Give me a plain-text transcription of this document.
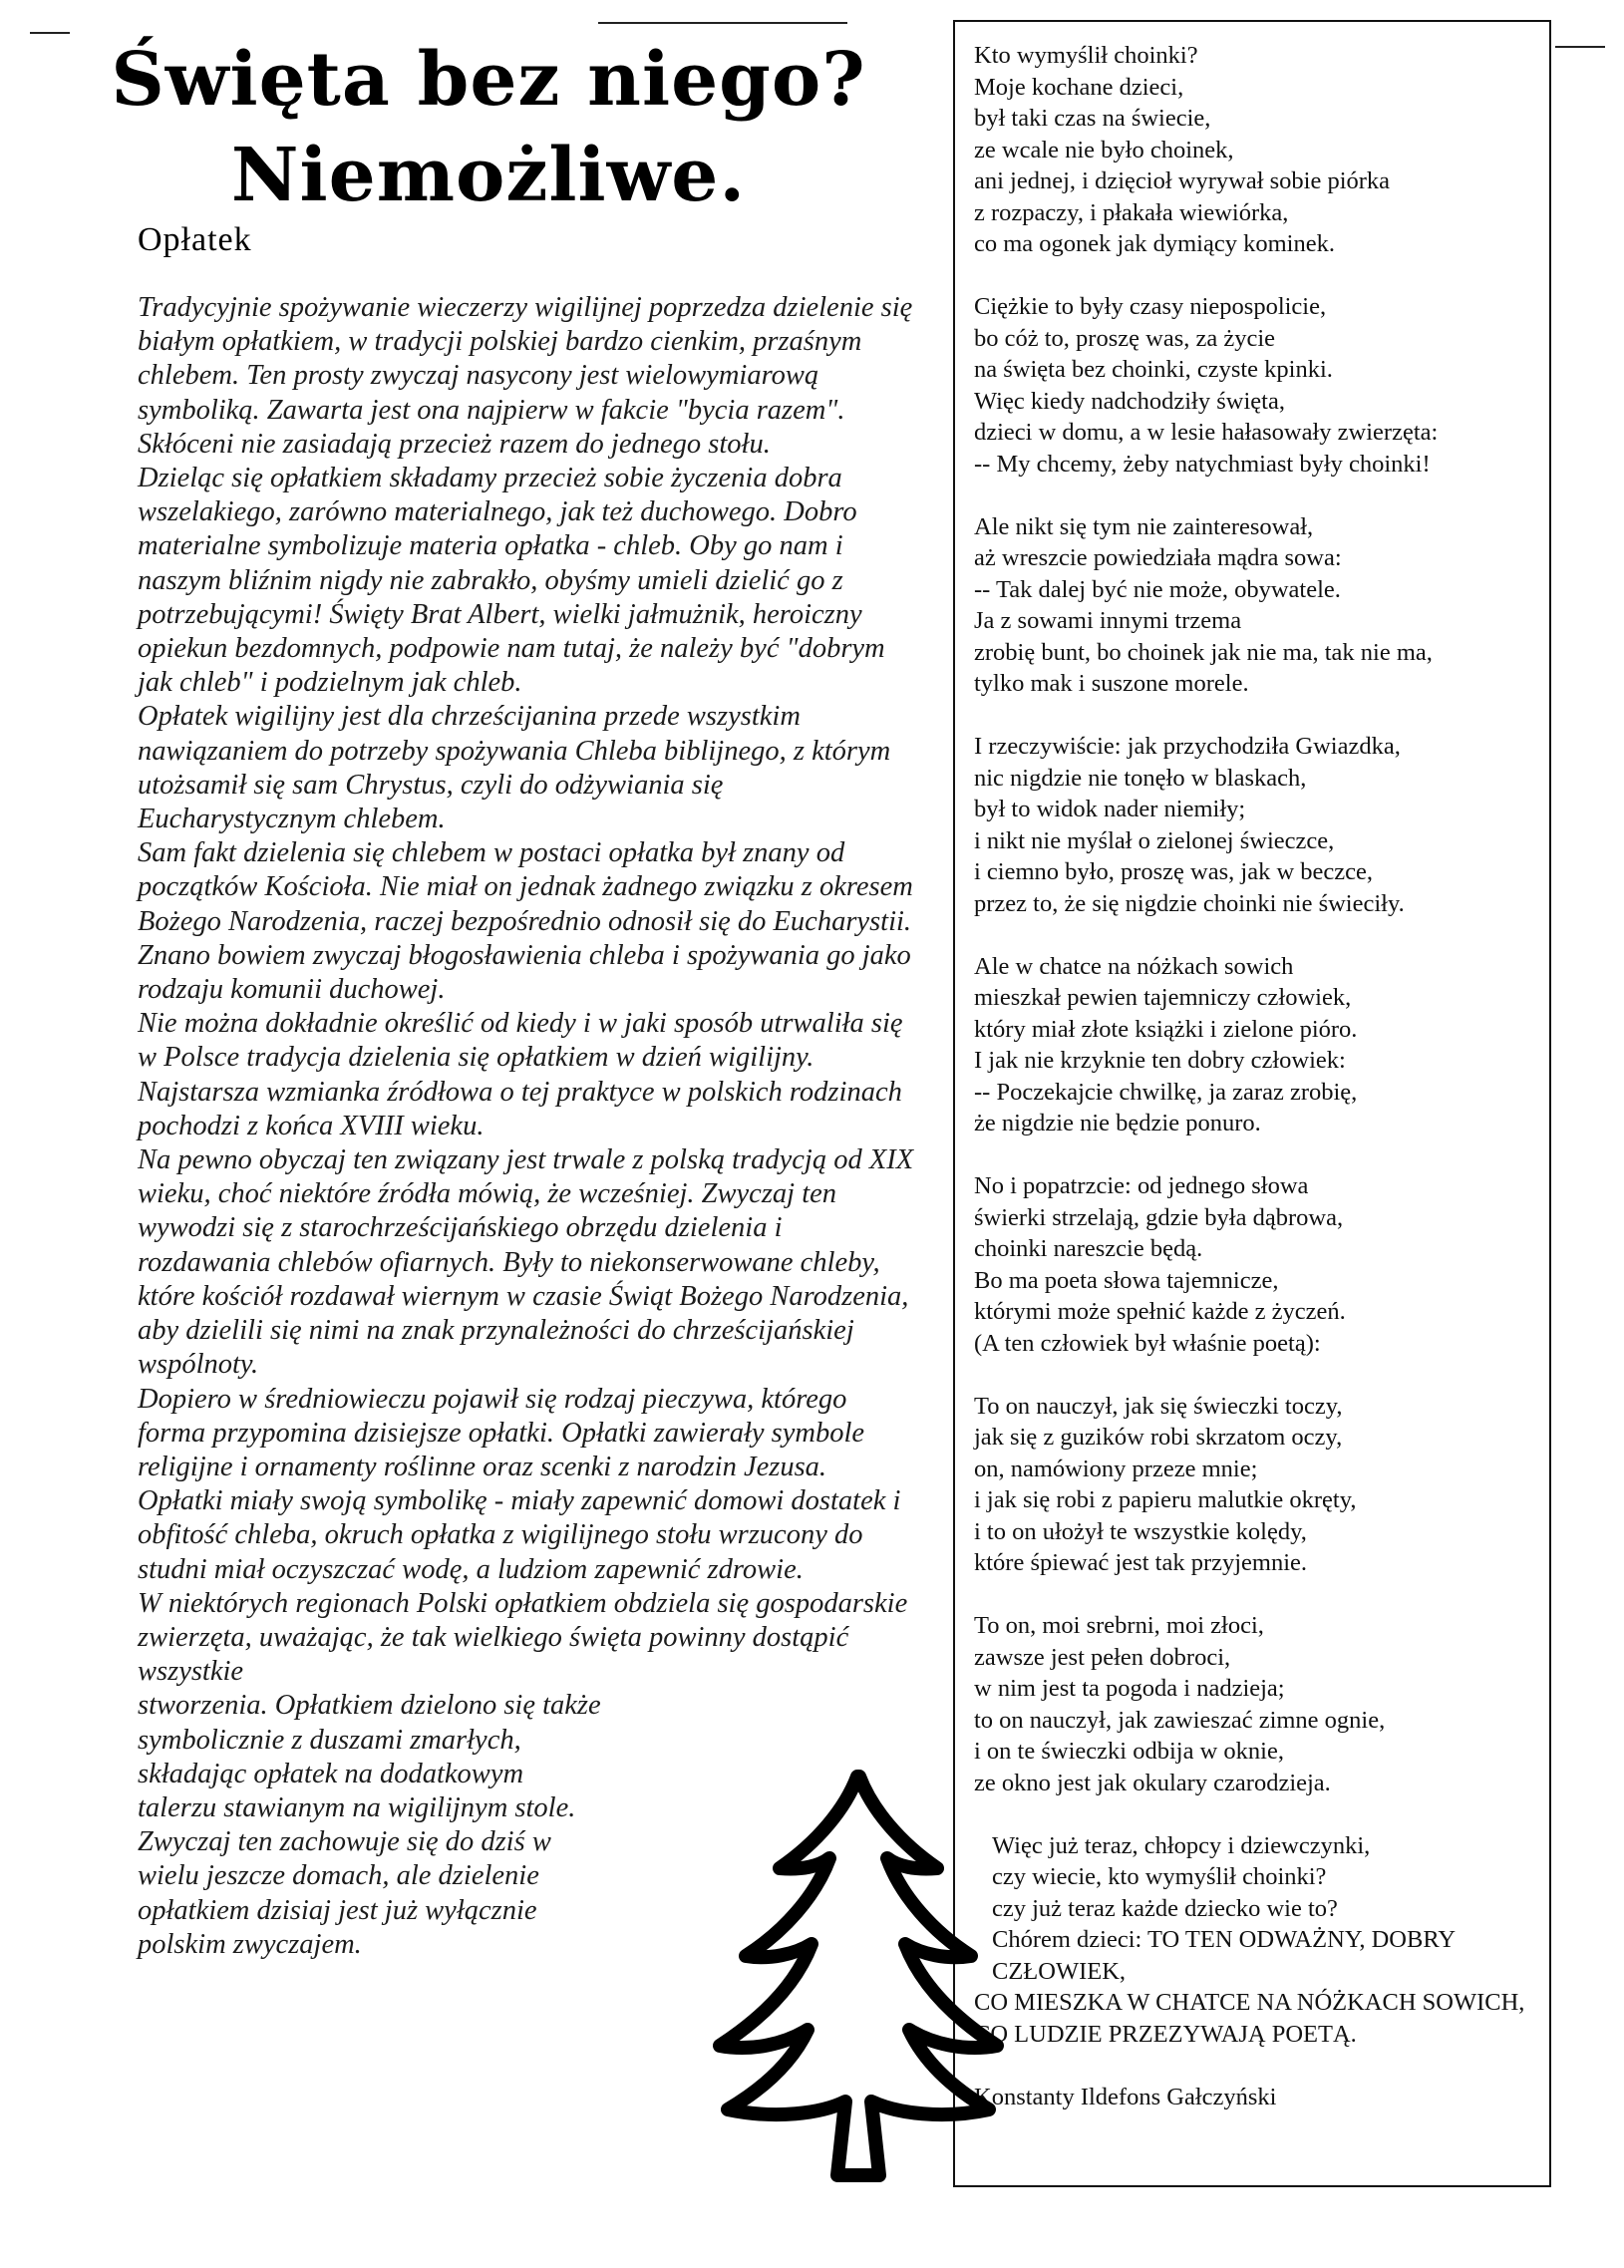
Święta bez niego?
Niemożliwe.
Opłatek

Tradycyjnie spożywanie wieczerzy wigilijnej poprzedza dzielenie się białym opłatkiem, w tradycji polskiej bardzo cienkim, przaśnym chlebem. Ten prosty zwyczaj nasycony jest wielowymiarową symboliką. Zawarta jest ona najpierw w fakcie "bycia razem". Skłóceni nie zasiadają przecież razem do jednego stołu.

Dzieląc się opłatkiem składamy przecież sobie życzenia dobra wszelakiego, zarówno materialnego, jak też duchowego. Dobro materialne symbolizuje materia opłatka - chleb. Oby go nam i naszym bliźnim nigdy nie zabrakło, obyśmy umieli dzielić go z potrzebującymi! Święty Brat Albert, wielki jałmużnik, heroiczny opiekun bezdomnych, podpowie nam tutaj, że należy być "dobrym jak chleb" i podzielnym jak chleb.

Opłatek wigilijny jest dla chrześcijanina przede wszystkim nawiązaniem do potrzeby spożywania Chleba biblijnego, z którym utożsamił się sam Chrystus, czyli do odżywiania się Eucharystycznym chlebem.

Sam fakt dzielenia się chlebem w postaci opłatka był znany od początków Kościoła. Nie miał on jednak żadnego związku z okresem Bożego Narodzenia, raczej bezpośrednio odnosił się do Eucharystii. Znano bowiem zwyczaj błogosławienia chleba i spożywania go jako rodzaju komunii duchowej.

Nie można dokładnie określić od kiedy i w jaki sposób utrwaliła się w Polsce tradycja dzielenia się opłatkiem w dzień wigilijny. Najstarsza wzmianka źródłowa o tej praktyce w polskich rodzinach pochodzi z końca XVIII wieku.

Na pewno obyczaj ten związany jest trwale z polską tradycją od XIX wieku, choć niektóre źródła mówią, że wcześniej. Zwyczaj ten wywodzi się z starochrześcijańskiego obrzędu dzielenia i rozdawania chlebów ofiarnych. Były to niekonserwowane chleby, które kościół rozdawał wiernym w czasie Świąt Bożego Narodzenia, aby dzielili się nimi na znak przynależności do chrześcijańskiej wspólnoty.

Dopiero w średniowieczu pojawił się rodzaj pieczywa, którego forma przypomina dzisiejsze opłatki. Opłatki zawierały symbole religijne i ornamenty roślinne oraz scenki z narodzin Jezusa. Opłatki miały swoją symbolikę - miały zapewnić domowi dostatek i obfitość chleba, okruch opłatka z wigilijnego stołu wrzucony do studni miał oczyszczać wodę, a ludziom zapewnić zdrowie.

W niektórych regionach Polski opłatkiem obdziela się gospodarskie zwierzęta, uważając, że tak wielkiego święta powinny dostąpić wszystkie

stworzenia. Opłatkiem dzielono się także symbolicznie z duszami zmarłych, składając opłatek na dodatkowym talerzu stawianym na wigilijnym stole. Zwyczaj ten zachowuje się do dziś w wielu jeszcze domach, ale dzielenie opłatkiem dzisiaj jest już wyłącznie polskim zwyczajem.

Kto wymyślił choinki?
Moje kochane dzieci,
był taki czas na świecie,
ze wcale nie było choinek,
ani jednej, i dzięcioł wyrywał sobie piórka
z rozpaczy, i płakała wiewiórka,
co ma ogonek jak dymiący kominek.
Ciężkie to były czasy niepospolicie,
bo cóż to, proszę was, za życie
na święta bez choinki, czyste kpinki.
Więc kiedy nadchodziły święta,
dzieci w domu, a w lesie hałasowały zwierzęta:
-- My chcemy, żeby natychmiast były choinki!
Ale nikt się tym nie zainteresował,
aż wreszcie powiedziała mądra sowa:
-- Tak dalej być nie może, obywatele.
Ja z sowami innymi trzema
zrobię bunt, bo choinek jak nie ma, tak nie ma,
tylko mak i suszone morele.
I rzeczywiście: jak przychodziła Gwiazdka,
nic nigdzie nie tonęło w blaskach,
był to widok nader niemiły;
i nikt nie myślał o zielonej świeczce,
i ciemno było, proszę was, jak w beczce,
przez to, że się nigdzie choinki nie świeciły.
Ale w chatce na nóżkach sowich
mieszkał pewien tajemniczy człowiek,
który miał złote książki i zielone pióro.
I jak nie krzyknie ten dobry człowiek:
-- Poczekajcie chwilkę, ja zaraz zrobię,
że nigdzie nie będzie ponuro.
No i popatrzcie: od jednego słowa
świerki strzelają, gdzie była dąbrowa,
choinki nareszcie będą.
Bo ma poeta słowa tajemnicze,
którymi może spełnić każde z życzeń.
(A ten człowiek był właśnie poetą):
To on nauczył, jak się świeczki toczy,
jak się z guzików robi skrzatom oczy,
on, namówiony przeze mnie;
i jak się robi z papieru malutkie okręty,
i to on ułożył te wszystkie kolędy,
które śpiewać jest tak przyjemnie.
To on, moi srebrni, moi złoci,
zawsze jest pełen dobroci,
w nim jest ta pogoda i nadzieja;
to on nauczył, jak zawieszać zimne ognie,
i on te świeczki odbija w oknie,
ze okno jest jak okulary czarodzieja.
Więc już teraz, chłopcy i dziewczynki,
czy wiecie, kto wymyślił choinki?
czy już teraz każde dziecko wie to?
Chórem dzieci: TO TEN ODWAŻNY, DOBRY CZŁOWIEK,
CO MIESZKA W CHATCE NA NÓŻKACH SOWICH,
CO LUDZIE PRZEZYWAJĄ POETĄ.
Konstanty Ildefons Gałczyński
